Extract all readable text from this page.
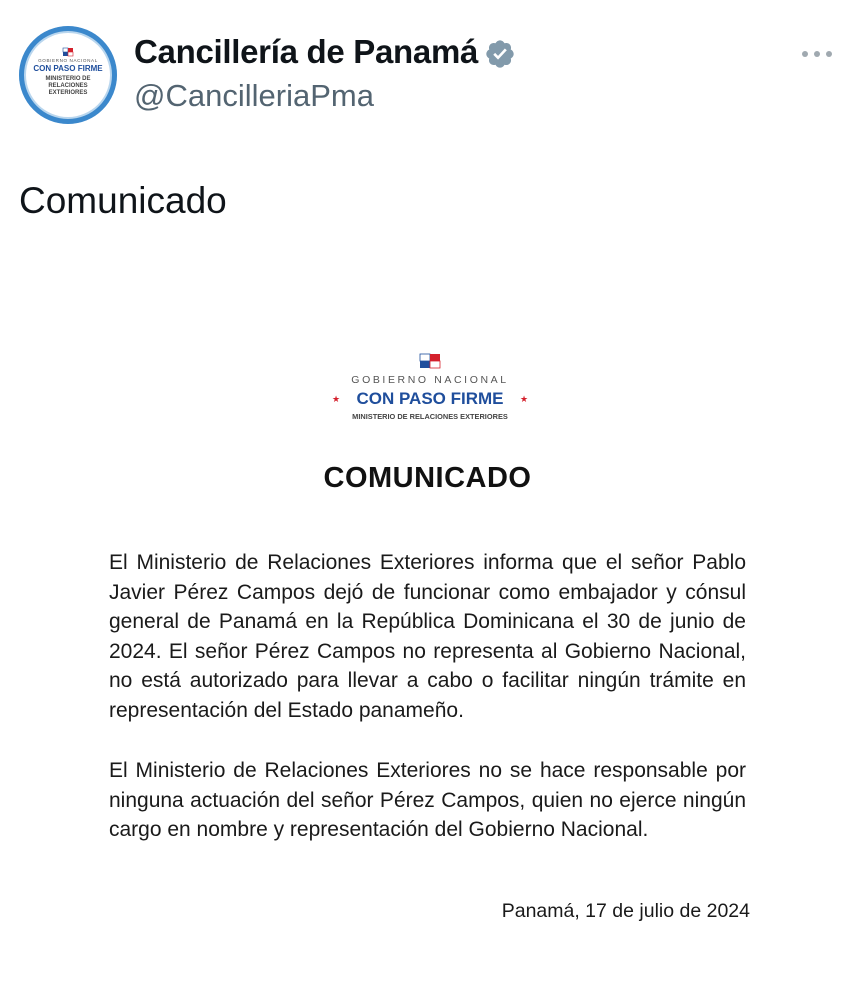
GOBIERNO NACIONAL
CON PASO FIRME
MINISTERIO DE
RELACIONES
EXTERIORES
Cancillería de Panamá
@CancilleriaPma
Comunicado
GOBIERNO NACIONAL
★ CON PASO FIRME ★
MINISTERIO DE RELACIONES EXTERIORES
COMUNICADO

El Ministerio de Relaciones Exteriores informa que el señor Pablo Javier Pérez Campos dejó de funcionar como embajador y cónsul general de Panamá en la República Dominicana el 30 de junio de 2024. El señor Pérez Campos no representa al Gobierno Nacional, no está autorizado para llevar a cabo o facilitar ningún trámite en representación del Estado panameño.

El Ministerio de Relaciones Exteriores no se hace responsable por ninguna actuación del señor Pérez Campos, quien no ejerce ningún cargo en nombre y representación del Gobierno Nacional.

Panamá, 17 de julio de 2024
